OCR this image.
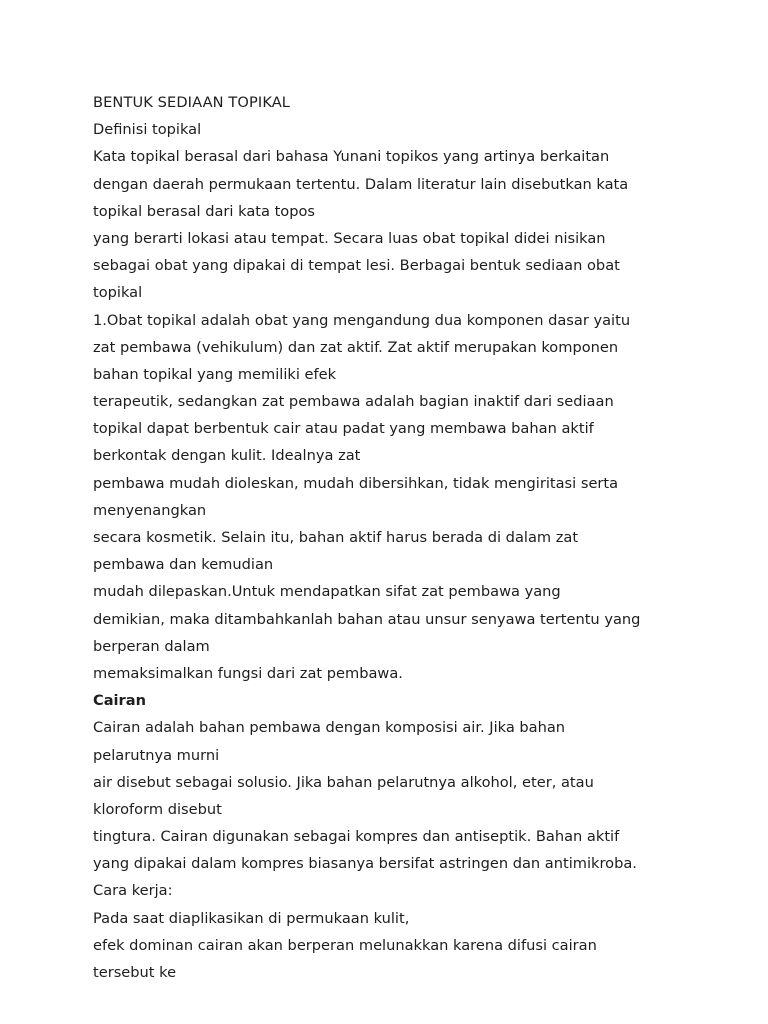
BENTUK SEDIAAN TOPIKAL
Definisi topikal
Kata topikal berasal dari bahasa Yunani topikos yang artinya berkaitan
dengan daerah permukaan tertentu. Dalam literatur lain disebutkan kata
topikal berasal dari kata topos
yang berarti lokasi atau tempat. Secara luas obat topikal didei nisikan
sebagai obat yang dipakai di tempat lesi. Berbagai bentuk sediaan obat
topikal
1.Obat topikal adalah obat yang mengandung dua komponen dasar yaitu
zat pembawa (vehikulum) dan zat aktif. Zat aktif merupakan komponen
bahan topikal yang memiliki efek
terapeutik, sedangkan zat pembawa adalah bagian inaktif dari sediaan
topikal dapat berbentuk cair atau padat yang membawa bahan aktif
berkontak dengan kulit. Idealnya zat
pembawa mudah dioleskan, mudah dibersihkan, tidak mengiritasi serta
menyenangkan
secara kosmetik. Selain itu, bahan aktif harus berada di dalam zat
pembawa dan kemudian
mudah dilepaskan.Untuk mendapatkan sifat zat pembawa yang
demikian, maka ditambahkanlah bahan atau unsur senyawa tertentu yang
berperan dalam
memaksimalkan fungsi dari zat pembawa.
Cairan
Cairan adalah bahan pembawa dengan komposisi air. Jika bahan
pelarutnya murni
air disebut sebagai solusio. Jika bahan pelarutnya alkohol, eter, atau
kloroform disebut
tingtura. Cairan digunakan sebagai kompres dan antiseptik. Bahan aktif
yang dipakai dalam kompres biasanya bersifat astringen dan antimikroba.
Cara kerja:
Pada saat diaplikasikan di permukaan kulit,
efek dominan cairan akan berperan melunakkan karena difusi cairan
tersebut ke
